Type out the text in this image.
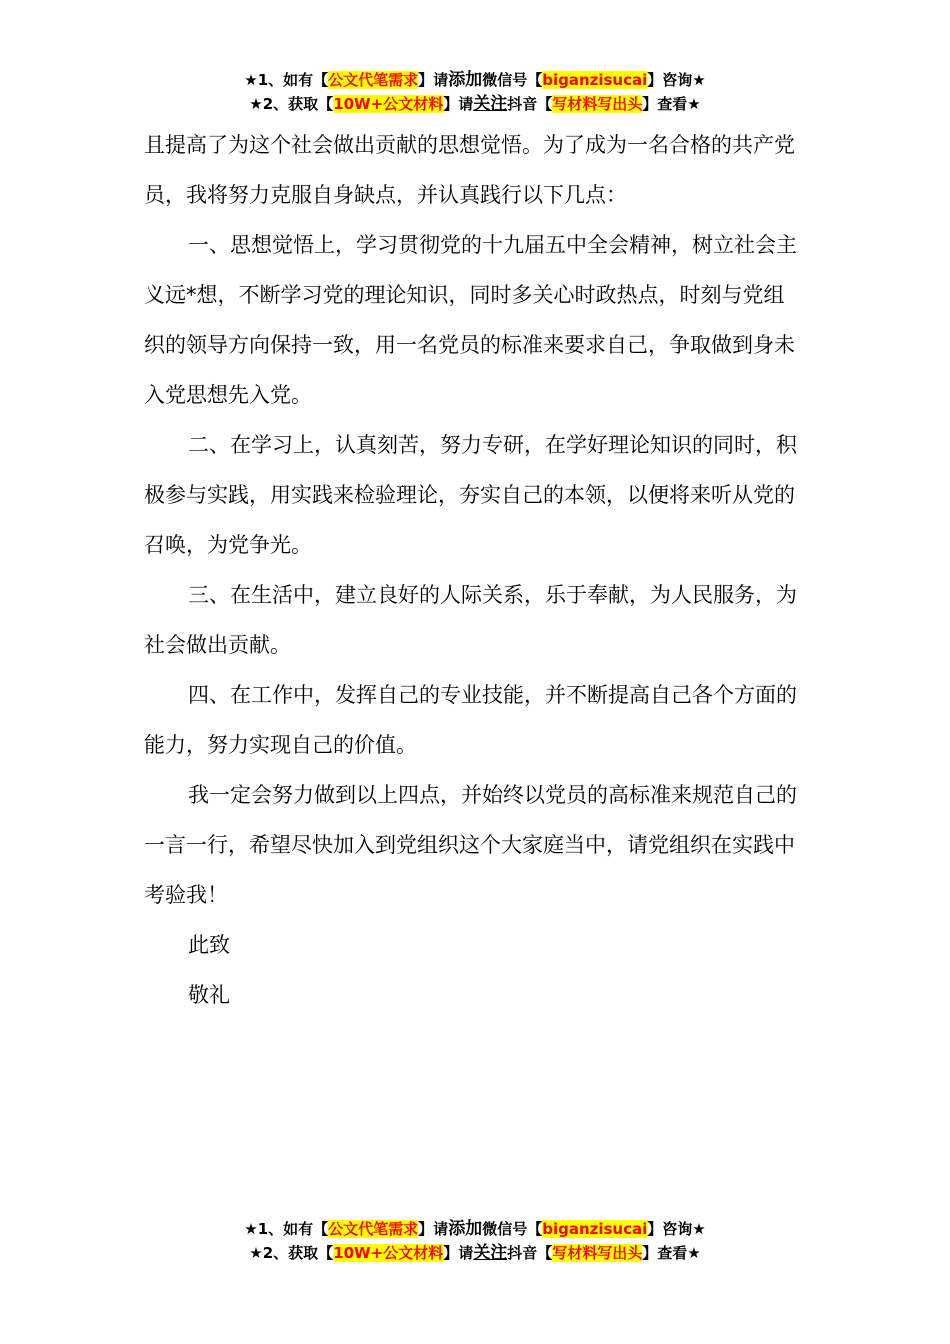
★1、如有【公文代笔需求】请添加微信号【biganzisucai】咨询★
★2、获取【10W+公文材料】请关注抖音【写材料写出头】查看★

且提高了为这个社会做出贡献的思想觉悟。为了成为一名合格的共产党员，我将努力克服自身缺点，并认真践行以下几点：

一、思想觉悟上，学习贯彻党的十九届五中全会精神，树立社会主义远*想，不断学习党的理论知识，同时多关心时政热点，时刻与党组织的领导方向保持一致，用一名党员的标准来要求自己，争取做到身未入党思想先入党。

二、在学习上，认真刻苦，努力专研，在学好理论知识的同时，积极参与实践，用实践来检验理论，夯实自己的本领，以便将来听从党的召唤，为党争光。

三、在生活中，建立良好的人际关系，乐于奉献，为人民服务，为社会做出贡献。

四、在工作中，发挥自己的专业技能，并不断提高自己各个方面的能力，努力实现自己的价值。

我一定会努力做到以上四点，并始终以党员的高标准来规范自己的一言一行，希望尽快加入到党组织这个大家庭当中，请党组织在实践中考验我！

此致

敬礼

★1、如有【公文代笔需求】请添加微信号【biganzisucai】咨询★
★2、获取【10W+公文材料】请关注抖音【写材料写出头】查看★
